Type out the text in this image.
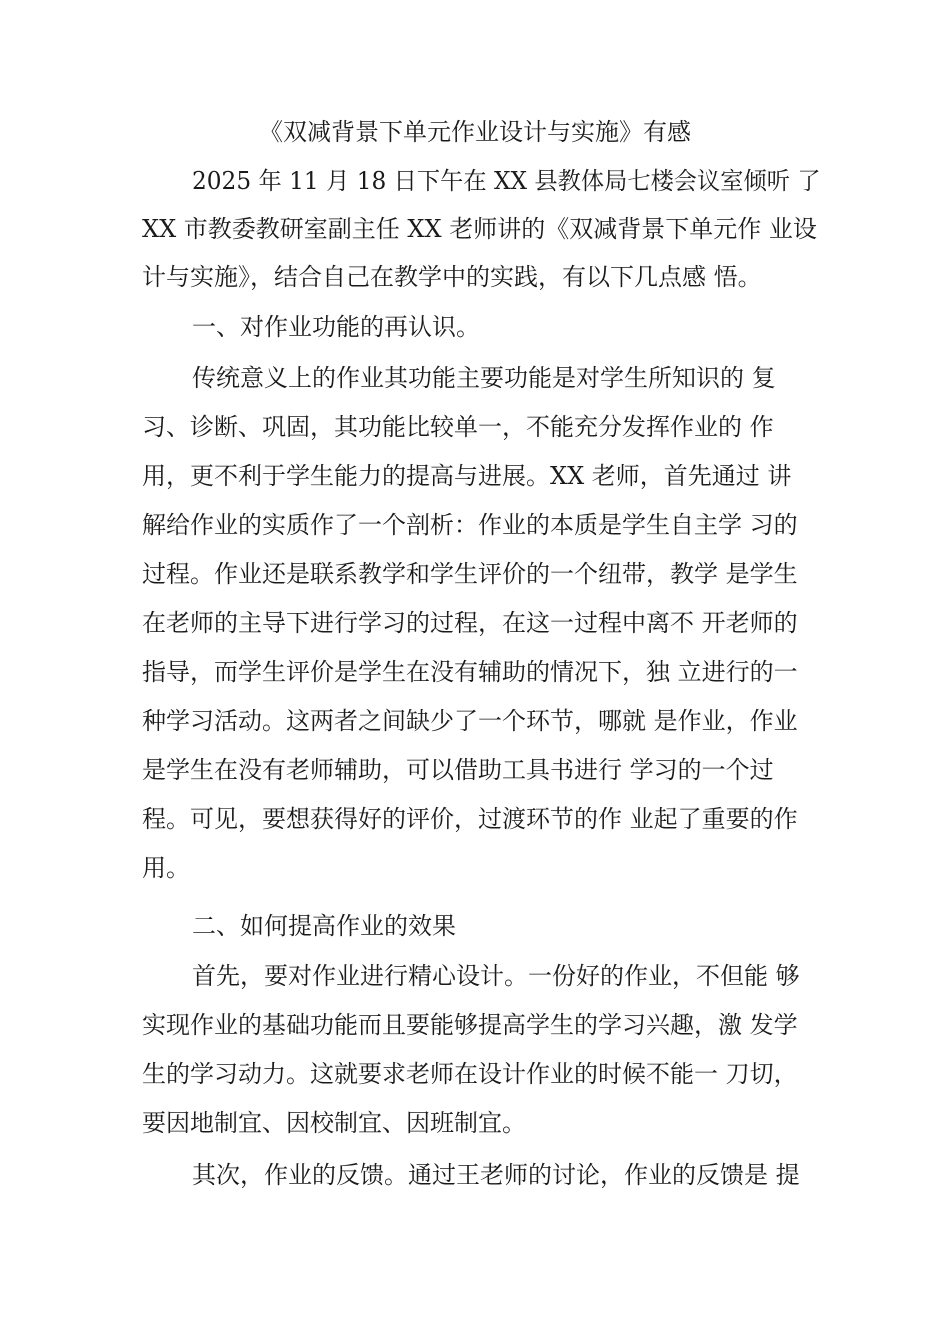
《双减背景下单元作业设计与实施》有感
2025 年 11 月 18 日下午在 XX 县教体局七楼会议室倾听 了
XX 市教委教研室副主任 XX 老师讲的《双减背景下单元作 业设
计与实施》，结合自己在教学中的实践，有以下几点感 悟。
一、对作业功能的再认识。
传统意义上的作业其功能主要功能是对学生所知识的 复
习、诊断、巩固，其功能比较单一，不能充分发挥作业的 作
用，更不利于学生能力的提高与进展。XX 老师，首先通过 讲
解给作业的实质作了一个剖析：作业的本质是学生自主学 习的
过程。作业还是联系教学和学生评价的一个纽带，教学 是学生
在老师的主导下进行学习的过程，在这一过程中离不 开老师的
指导，而学生评价是学生在没有辅助的情况下，独 立进行的一
种学习活动。这两者之间缺少了一个环节，哪就 是作业，作业
是学生在没有老师辅助，可以借助工具书进行 学习的一个过
程。可见，要想获得好的评价，过渡环节的作 业起了重要的作
用。
二、如何提高作业的效果
首先，要对作业进行精心设计。一份好的作业，不但能 够
实现作业的基础功能而且要能够提高学生的学习兴趣，激 发学
生的学习动力。这就要求老师在设计作业的时候不能一 刀切，
要因地制宜、因校制宜、因班制宜。
其次，作业的反馈。通过王老师的讨论，作业的反馈是 提
